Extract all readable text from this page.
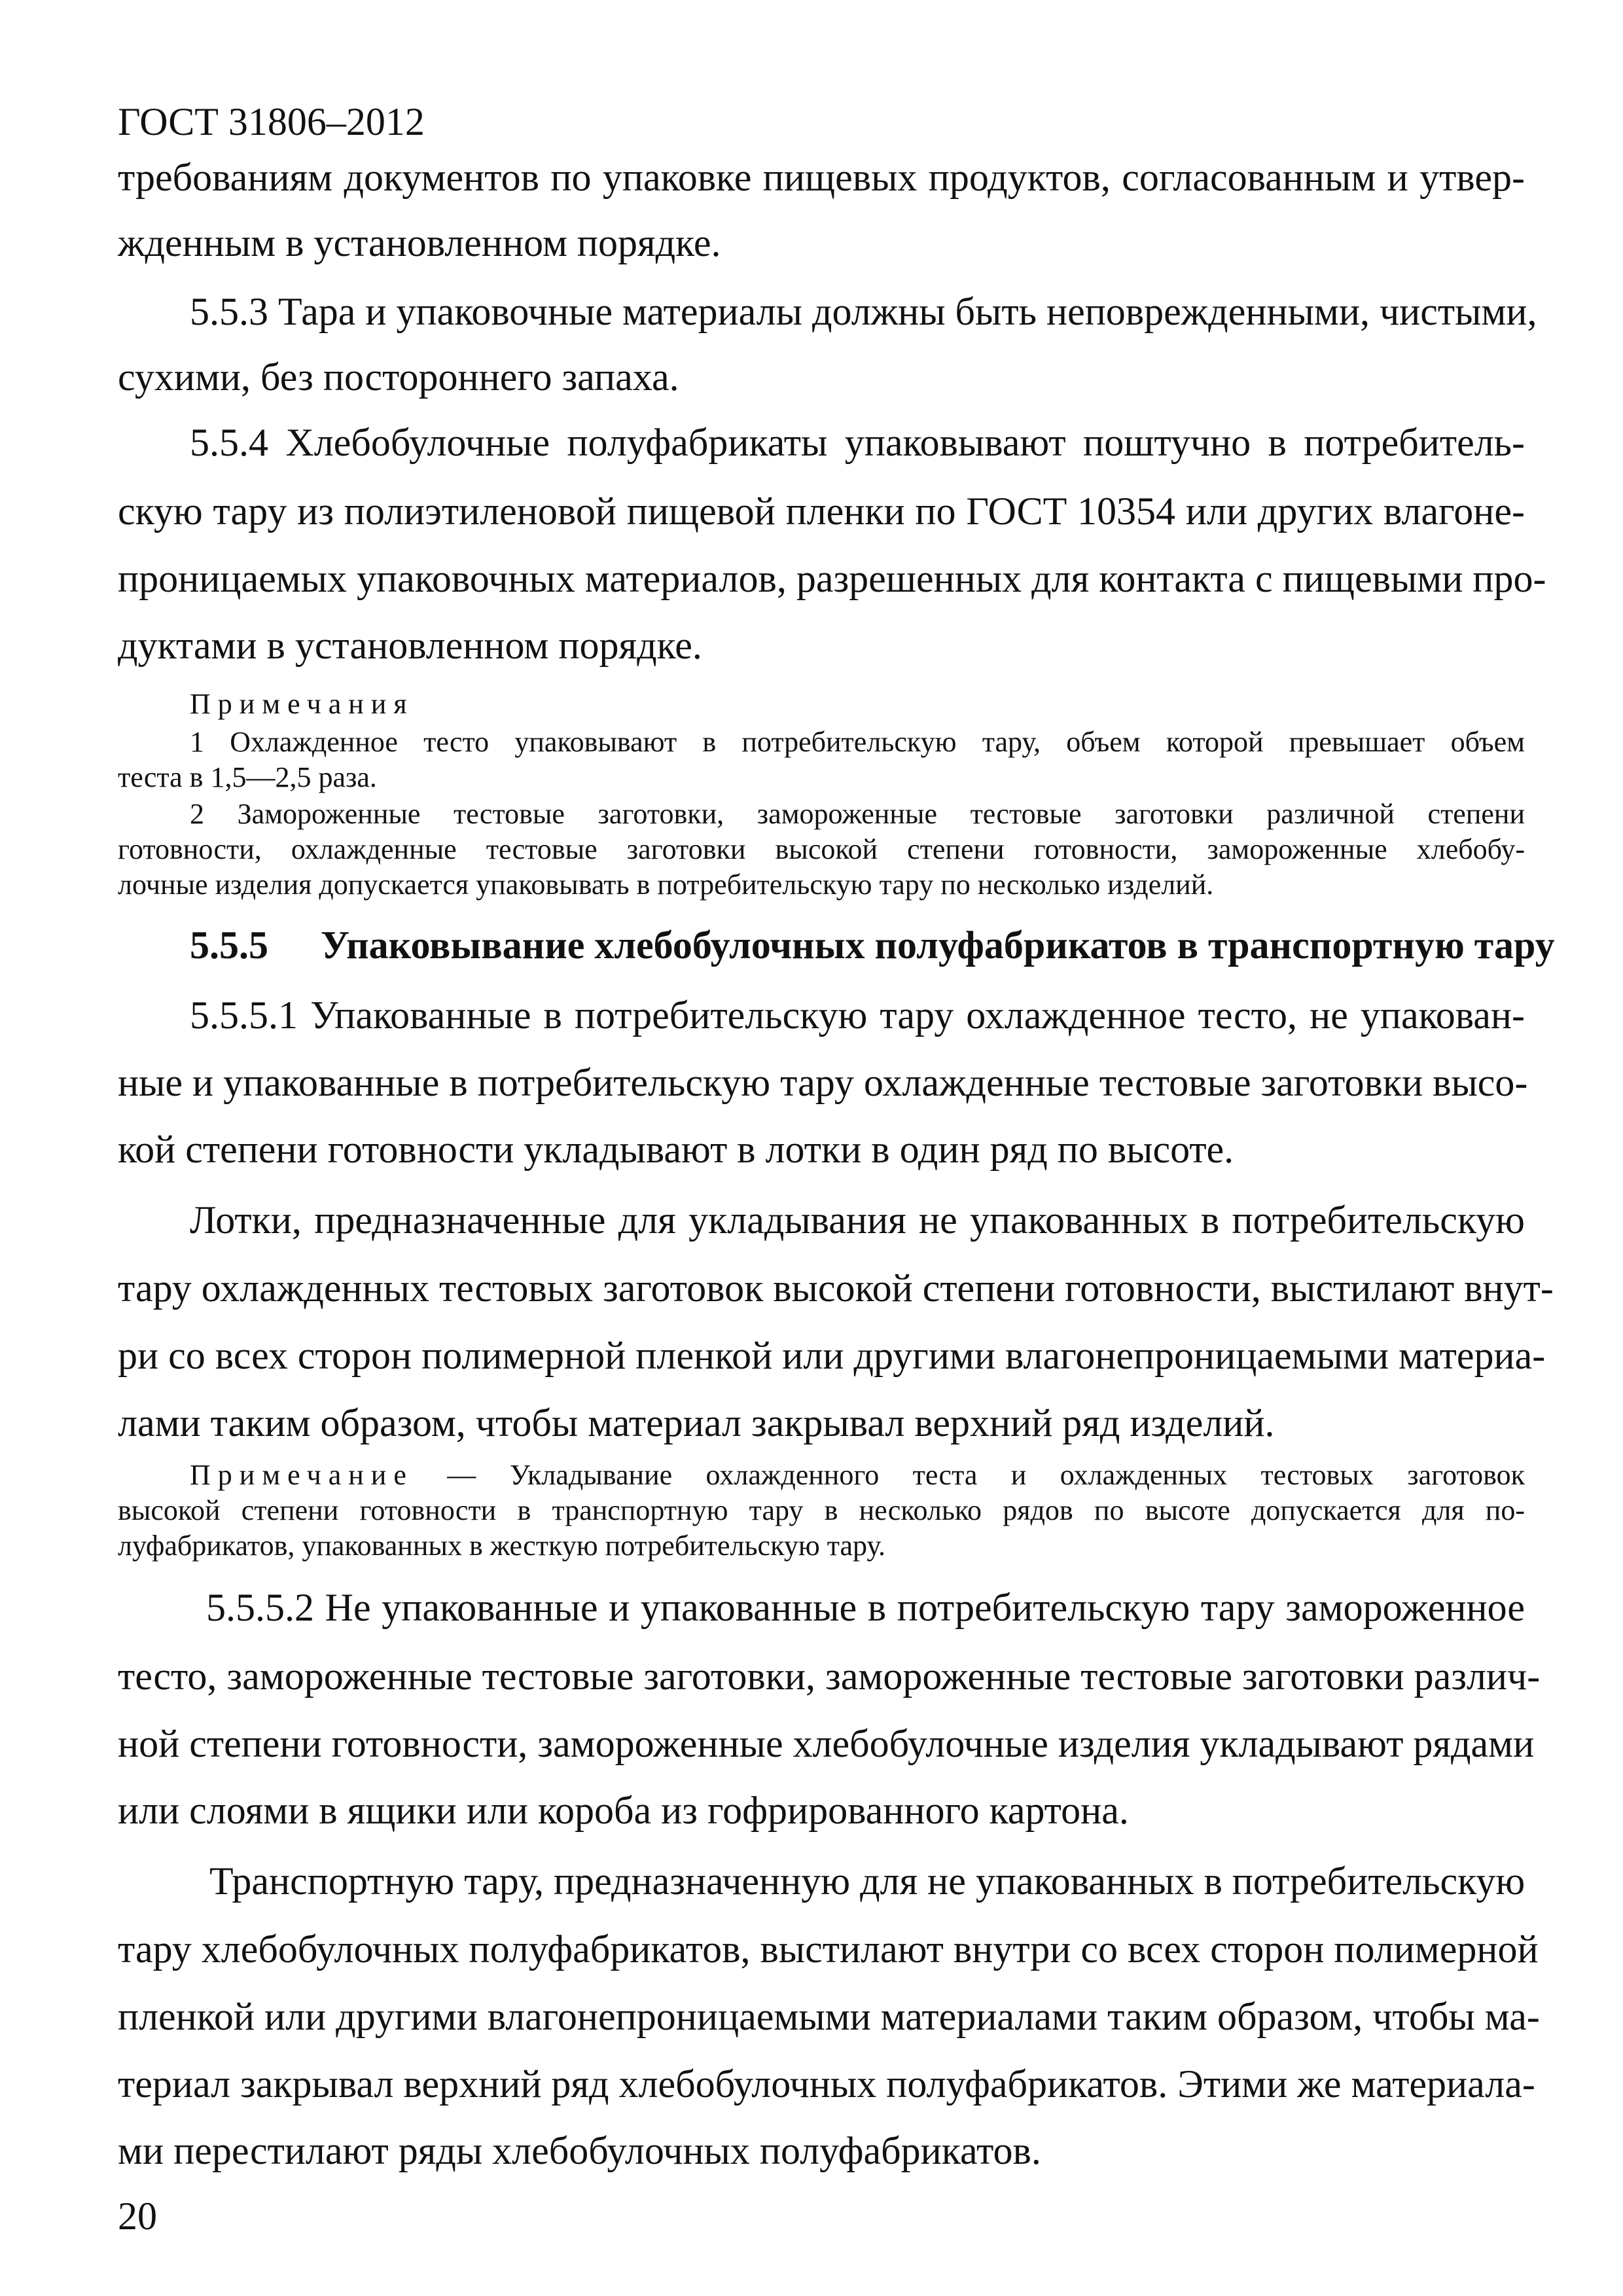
ГОСТ 31806–2012
требованиям документов по упаковке пищевых продуктов, согласованным и утвер-
жденным в установленном порядке.
5.5.3 Тара и упаковочные материалы должны быть неповрежденными, чистыми,
сухими, без постороннего запаха.
5.5.4 Хлебобулочные полуфабрикаты упаковывают поштучно в потребитель-
скую тару из полиэтиленовой пищевой пленки по ГОСТ 10354 или других влагоне-
проницаемых упаковочных материалов, разрешенных для контакта с пищевыми про-
дуктами в установленном порядке.
Примечания
1 Охлажденное тесто упаковывают в потребительскую тару, объем которой превышает объем
теста в 1,5—2,5 раза.
2 Замороженные тестовые заготовки, замороженные тестовые заготовки различной степени
готовности, охлажденные тестовые заготовки высокой степени готовности, замороженные хлебобу-
лочные изделия допускается упаковывать в потребительскую тару по несколько изделий.
5.5.5 Упаковывание хлебобулочных полуфабрикатов в транспортную тару
5.5.5.1 Упакованные в потребительскую тару охлажденное тесто, не упакован-
ные и упакованные в потребительскую тару охлажденные тестовые заготовки высо-
кой степени готовности укладывают в лотки в один ряд по высоте.
Лотки, предназначенные для укладывания не упакованных в потребительскую
тару охлажденных тестовых заготовок высокой степени готовности, выстилают внут-
ри со всех сторон полимерной пленкой или другими влагонепроницаемыми материа-
лами таким образом, чтобы материал закрывал верхний ряд изделий.
Примечание — Укладывание охлажденного теста и охлажденных тестовых заготовок
высокой степени готовности в транспортную тару в несколько рядов по высоте допускается для по-
луфабрикатов, упакованных в жесткую потребительскую тару.
5.5.5.2 Не упакованные и упакованные в потребительскую тару замороженное
тесто, замороженные тестовые заготовки, замороженные тестовые заготовки различ-
ной степени готовности, замороженные хлебобулочные изделия укладывают рядами
или слоями в ящики или короба из гофрированного картона.
Транспортную тару, предназначенную для не упакованных в потребительскую
тару хлебобулочных полуфабрикатов, выстилают внутри со всех сторон полимерной
пленкой или другими влагонепроницаемыми материалами таким образом, чтобы ма-
териал закрывал верхний ряд хлебобулочных полуфабрикатов. Этими же материала-
ми перестилают ряды хлебобулочных полуфабрикатов.
20
